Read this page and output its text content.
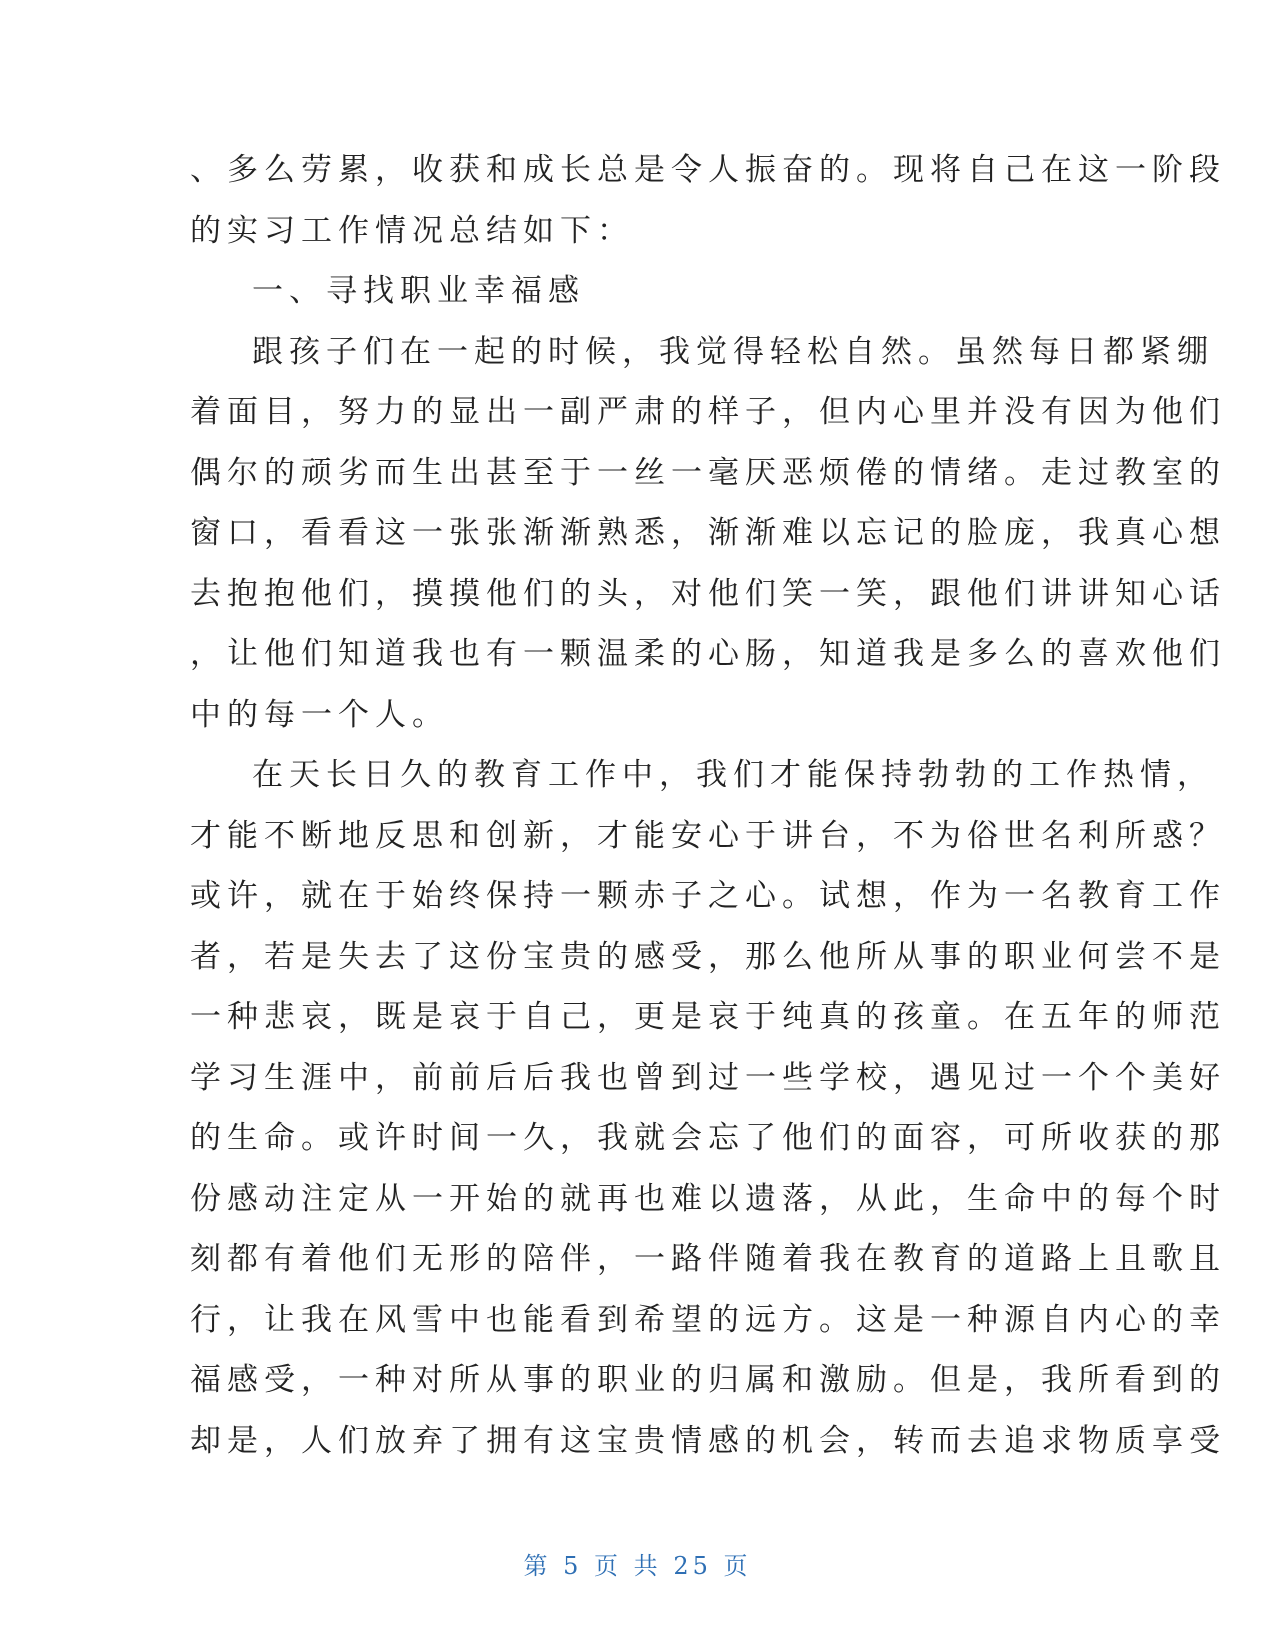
、多么劳累，收获和成长总是令人振奋的。现将自己在这一阶段
的实习工作情况总结如下：
一、寻找职业幸福感
跟孩子们在一起的时候，我觉得轻松自然。虽然每日都紧绷
着面目，努力的显出一副严肃的样子，但内心里并没有因为他们
偶尔的顽劣而生出甚至于一丝一毫厌恶烦倦的情绪。走过教室的
窗口，看看这一张张渐渐熟悉，渐渐难以忘记的脸庞，我真心想
去抱抱他们，摸摸他们的头，对他们笑一笑，跟他们讲讲知心话
，让他们知道我也有一颗温柔的心肠，知道我是多么的喜欢他们
中的每一个人。
在天长日久的教育工作中，我们才能保持勃勃的工作热情，
才能不断地反思和创新，才能安心于讲台，不为俗世名利所惑？
或许，就在于始终保持一颗赤子之心。试想，作为一名教育工作
者，若是失去了这份宝贵的感受，那么他所从事的职业何尝不是
一种悲哀，既是哀于自己，更是哀于纯真的孩童。在五年的师范
学习生涯中，前前后后我也曾到过一些学校，遇见过一个个美好
的生命。或许时间一久，我就会忘了他们的面容，可所收获的那
份感动注定从一开始的就再也难以遗落，从此，生命中的每个时
刻都有着他们无形的陪伴，一路伴随着我在教育的道路上且歌且
行，让我在风雪中也能看到希望的远方。这是一种源自内心的幸
福感受，一种对所从事的职业的归属和激励。但是，我所看到的
却是，人们放弃了拥有这宝贵情感的机会，转而去追求物质享受
第 5 页 共 25 页
